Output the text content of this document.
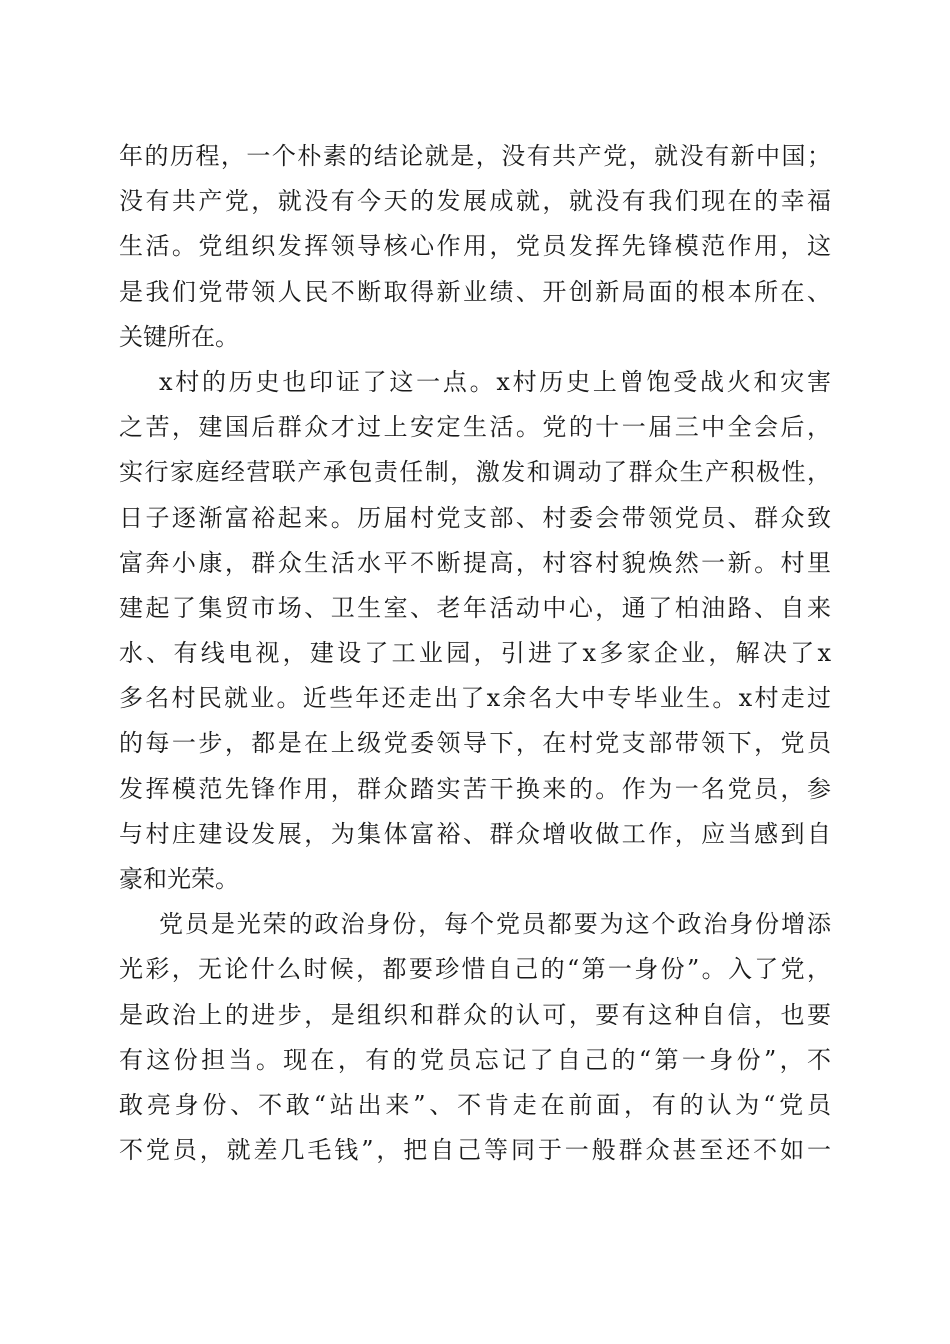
年的历程，一个朴素的结论就是，没有共产党，就没有新中国；
没有共产党，就没有今天的发展成就，就没有我们现在的幸福
生活。党组织发挥领导核心作用，党员发挥先锋模范作用，这
是我们党带领人民不断取得新业绩、开创新局面的根本所在、
关键所在。
x村的历史也印证了这一点。x村历史上曾饱受战火和灾害
之苦，建国后群众才过上安定生活。党的十一届三中全会后，
实行家庭经营联产承包责任制，激发和调动了群众生产积极性，
日子逐渐富裕起来。历届村党支部、村委会带领党员、群众致
富奔小康，群众生活水平不断提高，村容村貌焕然一新。村里
建起了集贸市场、卫生室、老年活动中心，通了柏油路、自来
水、有线电视，建设了工业园，引进了x多家企业，解决了x
多名村民就业。近些年还走出了x余名大中专毕业生。x村走过
的每一步，都是在上级党委领导下，在村党支部带领下，党员
发挥模范先锋作用，群众踏实苦干换来的。作为一名党员，参
与村庄建设发展，为集体富裕、群众增收做工作，应当感到自
豪和光荣。
党员是光荣的政治身份，每个党员都要为这个政治身份增添
光彩，无论什么时候，都要珍惜自己的“第一身份”。入了党，
是政治上的进步，是组织和群众的认可，要有这种自信，也要
有这份担当。现在，有的党员忘记了自己的“第一身份”，不
敢亮身份、不敢“站出来”、不肯走在前面，有的认为“党员
不党员，就差几毛钱”，把自己等同于一般群众甚至还不如一
